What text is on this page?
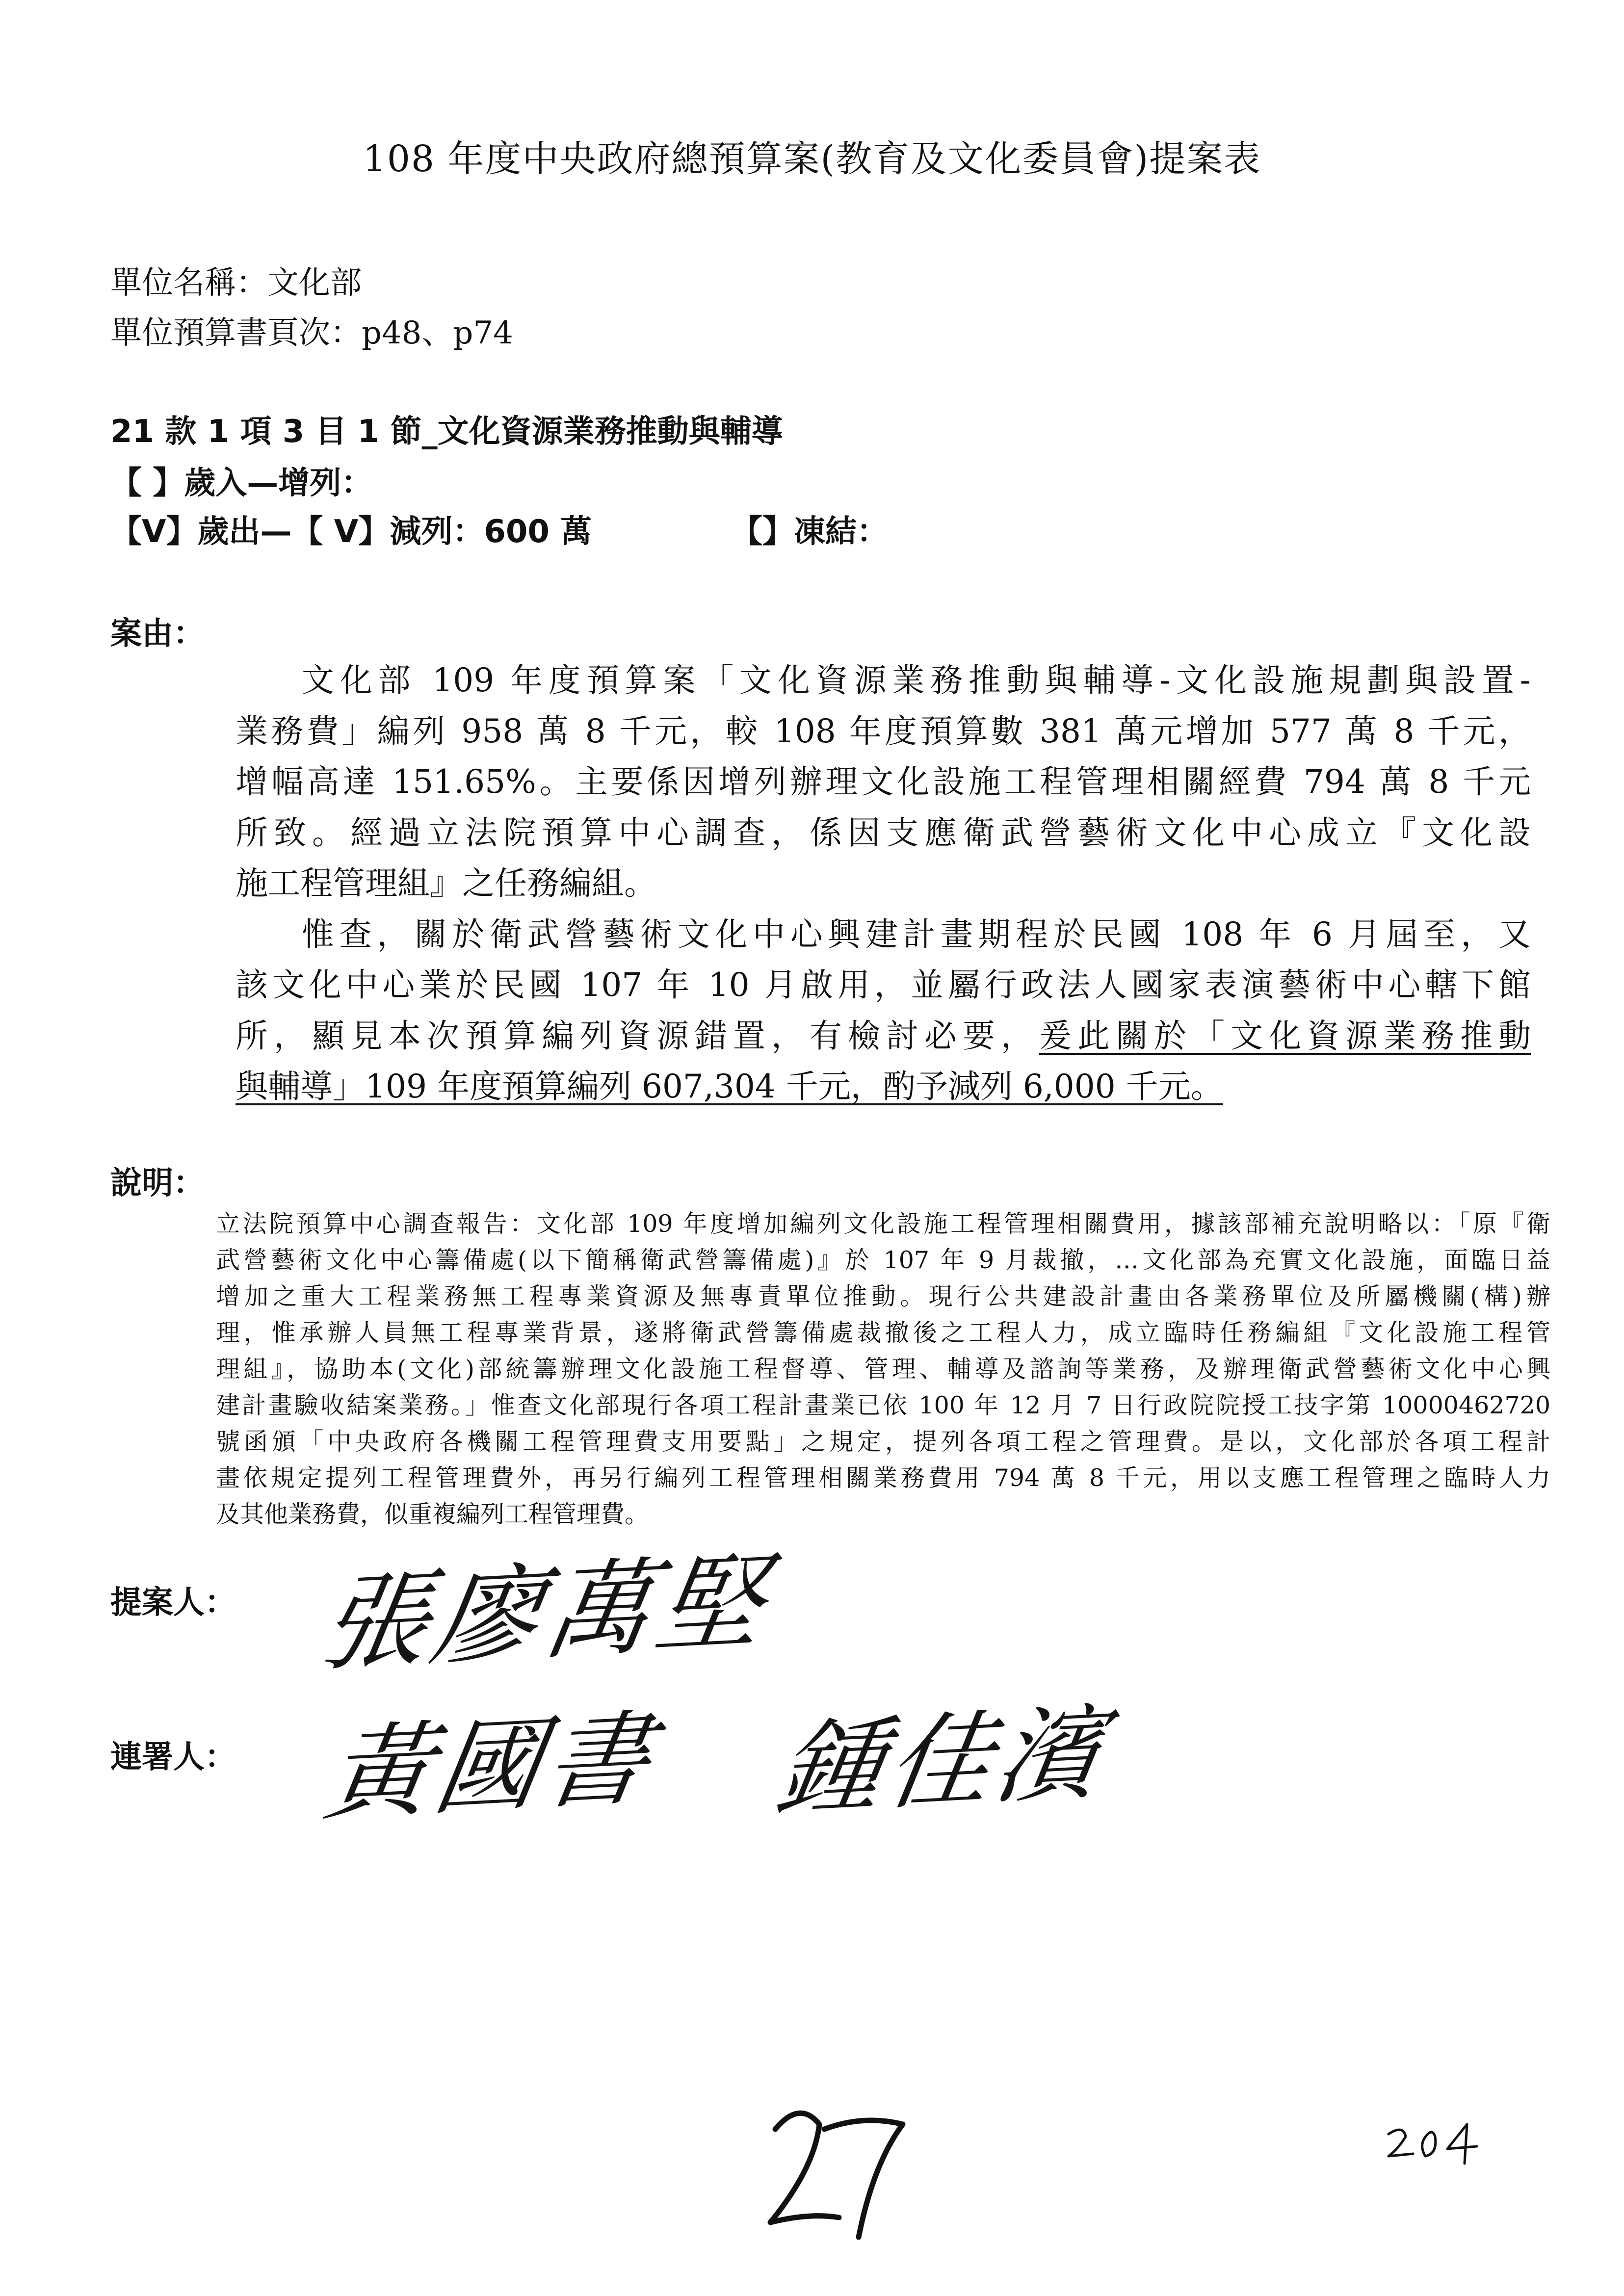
108 年度中央政府總預算案(教育及文化委員會)提案表
單位名稱：文化部
單位預算書頁次：p48、p74
21 款 1 項 3 目 1 節_文化資源業務推動與輔導
【 】歲入—增列：
【V】歲出—【 V】減列：600 萬	【】凍結：
案由：
文化部 109 年度預算案「文化資源業務推動與輔導-文化設施規劃與設置-
業務費」編列 958 萬 8 千元，較 108 年度預算數 381 萬元增加 577 萬 8 千元，
增幅高達 151.65%。主要係因增列辦理文化設施工程管理相關經費 794 萬 8 千元
所致。經過立法院預算中心調查，係因支應衛武營藝術文化中心成立『文化設
施工程管理組』之任務編組。
惟查，關於衛武營藝術文化中心興建計畫期程於民國 108 年 6 月屆至，又
該文化中心業於民國 107 年 10 月啟用，並屬行政法人國家表演藝術中心轄下館
所，顯見本次預算編列資源錯置，有檢討必要，爰此關於「文化資源業務推動
與輔導」109 年度預算編列 607,304 千元，酌予減列 6,000 千元。
說明：
立法院預算中心調查報告：文化部 109 年度增加編列文化設施工程管理相關費用，據該部補充說明略以：「原『衛
武營藝術文化中心籌備處(以下簡稱衛武營籌備處)』於 107 年 9 月裁撤，…文化部為充實文化設施，面臨日益
增加之重大工程業務無工程專業資源及無專責單位推動。現行公共建設計畫由各業務單位及所屬機關(構)辦
理，惟承辦人員無工程專業背景，遂將衛武營籌備處裁撤後之工程人力，成立臨時任務編組『文化設施工程管
理組』，協助本(文化)部統籌辦理文化設施工程督導、管理、輔導及諮詢等業務，及辦理衛武營藝術文化中心興
建計畫驗收結案業務。」惟查文化部現行各項工程計畫業已依 100 年 12 月 7 日行政院院授工技字第 10000462720
號函頒「中央政府各機關工程管理費支用要點」之規定，提列各項工程之管理費。是以，文化部於各項工程計
畫依規定提列工程管理費外，再另行編列工程管理相關業務費用 794 萬 8 千元，用以支應工程管理之臨時人力
及其他業務費，似重複編列工程管理費。
提案人： 張廖萬堅
連署人： 黃國書 鍾佳濱
